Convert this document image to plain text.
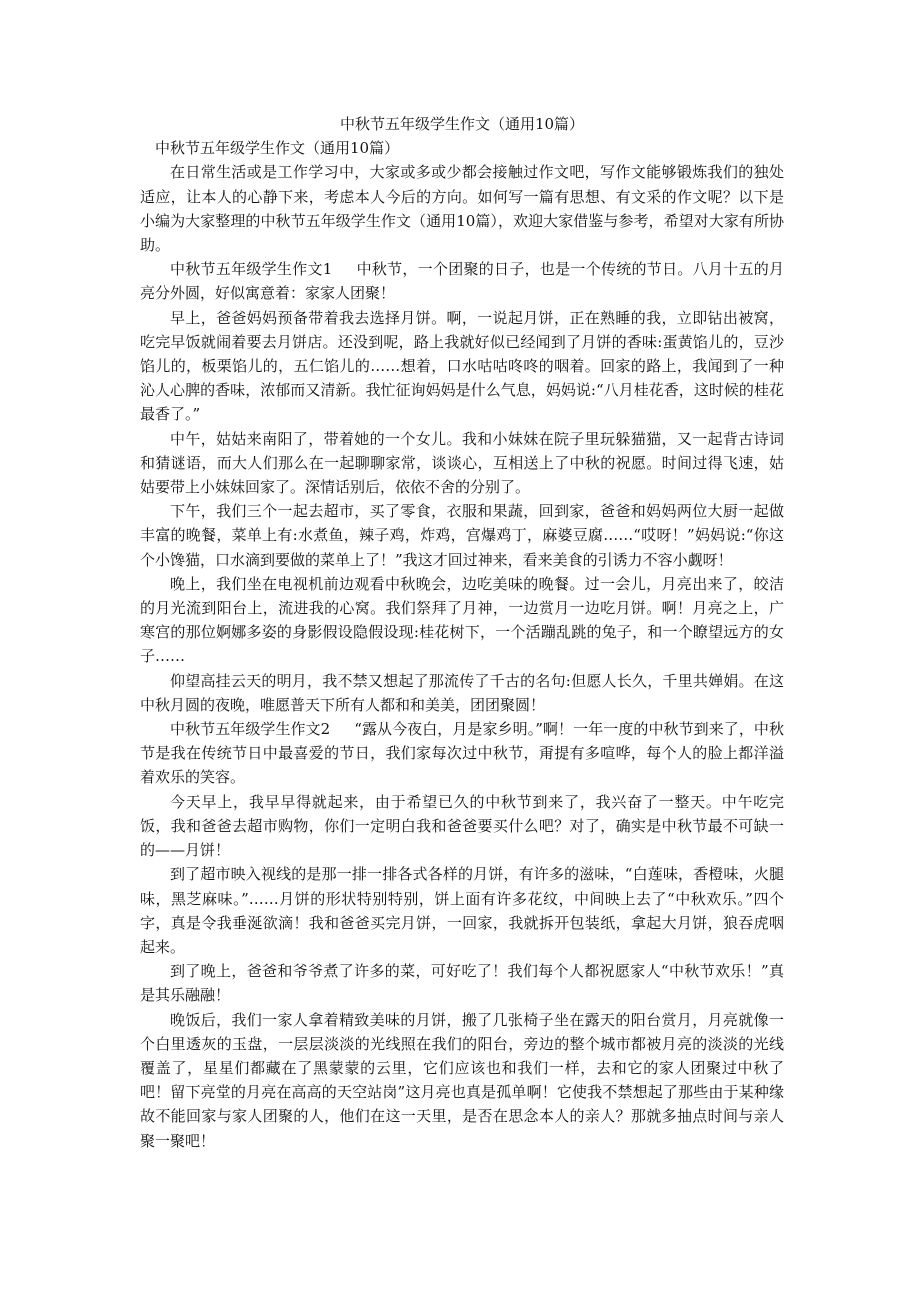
中秋节五年级学生作文（通用10篇）

中秋节五年级学生作文（通用10篇）

在日常生活或是工作学习中，大家或多或少都会接触过作文吧，写作文能够锻炼我们的独处适应，让本人的心静下来，考虑本人今后的方向。如何写一篇有思想、有文采的作文呢？以下是小编为大家整理的中秋节五年级学生作文（通用10篇），欢迎大家借鉴与参考，希望对大家有所协助。

中秋节五年级学生作文1 中秋节，一个团聚的日子，也是一个传统的节日。八月十五的月亮分外圆，好似寓意着：家家人团聚！

早上，爸爸妈妈预备带着我去选择月饼。啊，一说起月饼，正在熟睡的我，立即钻出被窝，吃完早饭就闹着要去月饼店。还没到呢，路上我就好似已经闻到了月饼的香味:蛋黄馅儿的，豆沙馅儿的，板栗馅儿的，五仁馅儿的……想着，口水咕咕咚咚的咽着。回家的路上，我闻到了一种沁人心脾的香味，浓郁而又清新。我忙征询妈妈是什么气息，妈妈说:“八月桂花香，这时候的桂花最香了。”

中午，姑姑来南阳了，带着她的一个女儿。我和小妹妹在院子里玩躲猫猫，又一起背古诗词和猜谜语，而大人们那么在一起聊聊家常，谈谈心，互相送上了中秋的祝愿。时间过得飞速，姑姑要带上小妹妹回家了。深情话别后，依依不舍的分别了。

下午，我们三个一起去超市，买了零食，衣服和果蔬，回到家，爸爸和妈妈两位大厨一起做丰富的晚餐，菜单上有:水煮鱼，辣子鸡，炸鸡，宫爆鸡丁，麻婆豆腐……“哎呀！”妈妈说:“你这个小馋猫，口水滴到要做的菜单上了！”我这才回过神来，看来美食的引诱力不容小觑呀！

晚上，我们坐在电视机前边观看中秋晚会，边吃美味的晚餐。过一会儿，月亮出来了，皎洁的月光流到阳台上，流进我的心窝。我们祭拜了月神，一边赏月一边吃月饼。啊！月亮之上，广寒宫的那位婀娜多姿的身影假设隐假设现:桂花树下，一个活蹦乱跳的兔子，和一个瞭望远方的女子……

仰望高挂云天的明月，我不禁又想起了那流传了千古的名句:但愿人长久，千里共婵娟。在这中秋月圆的夜晚，唯愿普天下所有人都和和美美，团团聚圆！

中秋节五年级学生作文2 “露从今夜白，月是家乡明。”啊！一年一度的中秋节到来了，中秋节是我在传统节日中最喜爱的节日，我们家每次过中秋节，甭提有多喧哗，每个人的脸上都洋溢着欢乐的笑容。

今天早上，我早早得就起来，由于希望已久的中秋节到来了，我兴奋了一整天。中午吃完饭，我和爸爸去超市购物，你们一定明白我和爸爸要买什么吧？对了，确实是中秋节最不可缺一的——月饼！

到了超市映入视线的是那一排一排各式各样的月饼，有许多的滋味，“白莲味，香橙味，火腿味，黑芝麻味。”……月饼的形状特别特别，饼上面有许多花纹，中间映上去了“中秋欢乐。”四个字，真是令我垂涎欲滴！我和爸爸买完月饼，一回家，我就拆开包装纸，拿起大月饼，狼吞虎咽起来。

到了晚上，爸爸和爷爷煮了许多的菜，可好吃了！我们每个人都祝愿家人“中秋节欢乐！”真是其乐融融！

晚饭后，我们一家人拿着精致美味的月饼，搬了几张椅子坐在露天的阳台赏月，月亮就像一个白里透灰的玉盘，一层层淡淡的光线照在我们的阳台，旁边的整个城市都被月亮的淡淡的光线覆盖了，星星们都藏在了黑蒙蒙的云里，它们应该也和我们一样，去和它的家人团聚过中秋了吧！留下亮堂的月亮在高高的天空站岗”这月亮也真是孤单啊！它使我不禁想起了那些由于某种缘故不能回家与家人团聚的人，他们在这一天里，是否在思念本人的亲人？那就多抽点时间与亲人聚一聚吧！
